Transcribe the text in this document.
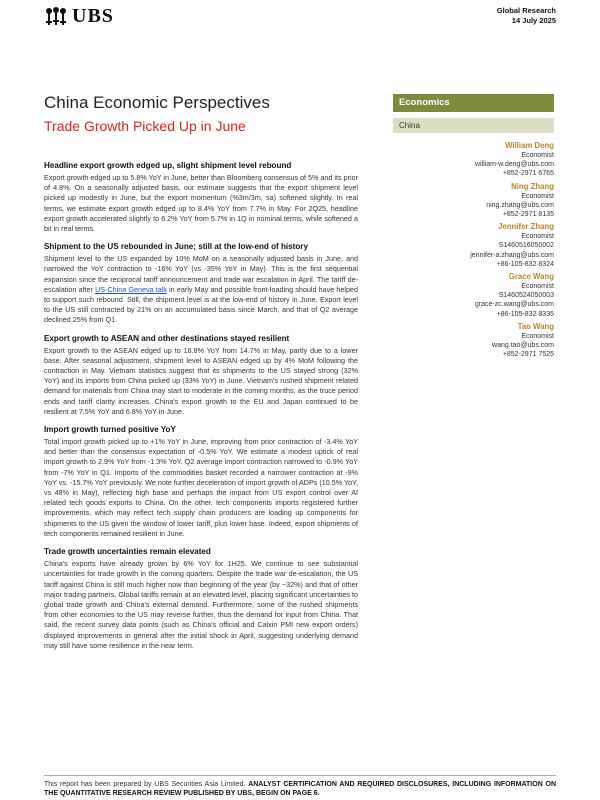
UBS	Global Research
14 July 2025
China Economic Perspectives
Trade Growth Picked Up in June
Economics
China
William Deng
Economist
william-w.deng@ubs.com
+852-2971 6765
Ning Zhang
Economist
ning.zhang@ubs.com
+852-2971 8135
Jennifer Zhang
Economist
S1460516050002
jennifer-a.zhang@ubs.com
+86-105-832 8324
Grace Wang
Economist
S1460524050003
grace-zc.wang@ubs.com
+86-105-832 8335
Tao Wang
Economist
wang.tao@ubs.com
+852-2971 7525
Headline export growth edged up, slight shipment level rebound

Export growth edged up to 5.8% YoY in June, better than Bloomberg consensus of 5% and its prior of 4.8%. On a seasonally adjusted basis, our estimate suggests that the export shipment level picked up modestly in June, but the export momentum (%3m/3m, sa) softened slightly. In real terms, we estimate export growth edged up to 8.4% YoY from 7.7% in May. For 2Q25, headline export growth accelerated slightly to 6.2% YoY from 5.7% in 1Q in nominal terms, while softened a bit in real terms.

Shipment to the US rebounded in June; still at the low-end of history

Shipment level to the US expanded by 10% MoM on a seasonally adjusted basis in June, and narrowed the YoY contraction to -16% YoY (vs -35% YoY in May). This is the first sequential expansion since the reciprocal tariff announcement and trade war escalation in April. The tariff de-escalation after US-China Geneva talk in early May and possible front-loading should have helped to support such rebound. Still, the shipment level is at the low-end of history in June. Export level to the US still contracted by 21% on an accumulated basis since March, and that of Q2 average declined 25% from Q1.

Export growth to ASEAN and other destinations stayed resilient

Export growth to the ASEAN edged up to 16.8% YoY from 14.7% in May, partly due to a lower base. After seasonal adjustment, shipment level to ASEAN edged up by 4% MoM following the contraction in May. Vietnam statistics suggest that its shipments to the US stayed strong (32% YoY) and its imports from China picked up (33% YoY) in June. Vietnam's rushed shipment related demand for materials from China may start to moderate in the coming months, as the truce period ends and tariff clarity increases. China's export growth to the EU and Japan continued to be resilient at 7.5% YoY and 6.8% YoY in June.

Import growth turned positive YoY

Total import growth picked up to +1% YoY in June, improving from prior contraction of -3.4% YoY and better than the consensus expectation of -0.5% YoY. We estimate a modest uptick of real import growth to 2.9% YoY from -1.3% YoY. Q2 average import contraction narrowed to -0.9% YoY from -7% YoY in Q1. Imports of the commodities basket recorded a narrower contraction at -9% YoY vs. -15.7% YoY previously. We note further deceleration of import growth of ADPs (10.5% YoY, vs 48% in May), reflecting high base and perhaps the impact from US export control over AI related tech goods exports to China. On the other, tech components imports registered further improvements, which may reflect tech supply chain producers are loading up components for shipments to the US given the window of lower tariff, plus lower base. Indeed, export shipments of tech components remained resilient in June.

Trade growth uncertainties remain elevated

China's exports have already grown by 6% YoY for 1H25. We continue to see substantial uncertainties for trade growth in the coming quarters. Despite the trade war de-escalation, the US tariff against China is still much higher now than beginning of the year (by ~32%) and that of other major trading partners. Global tariffs remain at an elevated level, placing significant uncertainties to global trade growth and China's external demand. Furthermore, some of the rushed shipments from other economies to the US may reverse further, thus the demand for input from China. That said, the recent survey data points (such as China's official and Caixin PMI new export orders) displayed improvements in general after the initial shock in April, suggesting underlying demand may still have some resilience in the near term.

This report has been prepared by UBS Securities Asia Limited. ANALYST CERTIFICATION AND REQUIRED DISCLOSURES, INCLUDING INFORMATION ON THE QUANTITATIVE RESEARCH REVIEW PUBLISHED BY UBS, BEGIN ON PAGE 6.
